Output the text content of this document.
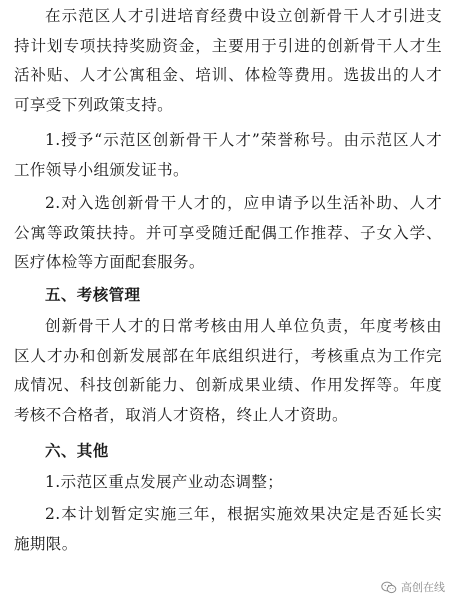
在示范区人才引进培育经费中设立创新骨干人才引进支持计划专项扶持奖励资金，主要用于引进的创新骨干人才生活补贴、人才公寓租金、培训、体检等费用。选拔出的人才可享受下列政策支持。

1.授予“示范区创新骨干人才”荣誉称号。由示范区人才工作领导小组颁发证书。

2.对入选创新骨干人才的，应申请予以生活补助、人才公寓等政策扶持。并可享受随迁配偶工作推荐、子女入学、医疗体检等方面配套服务。

五、考核管理

创新骨干人才的日常考核由用人单位负责，年度考核由区人才办和创新发展部在年底组织进行，考核重点为工作完成情况、科技创新能力、创新成果业绩、作用发挥等。年度考核不合格者，取消人才资格，终止人才资助。

六、其他

1.示范区重点发展产业动态调整；

2.本计划暂定实施三年，根据实施效果决定是否延长实施期限。

高创在线
